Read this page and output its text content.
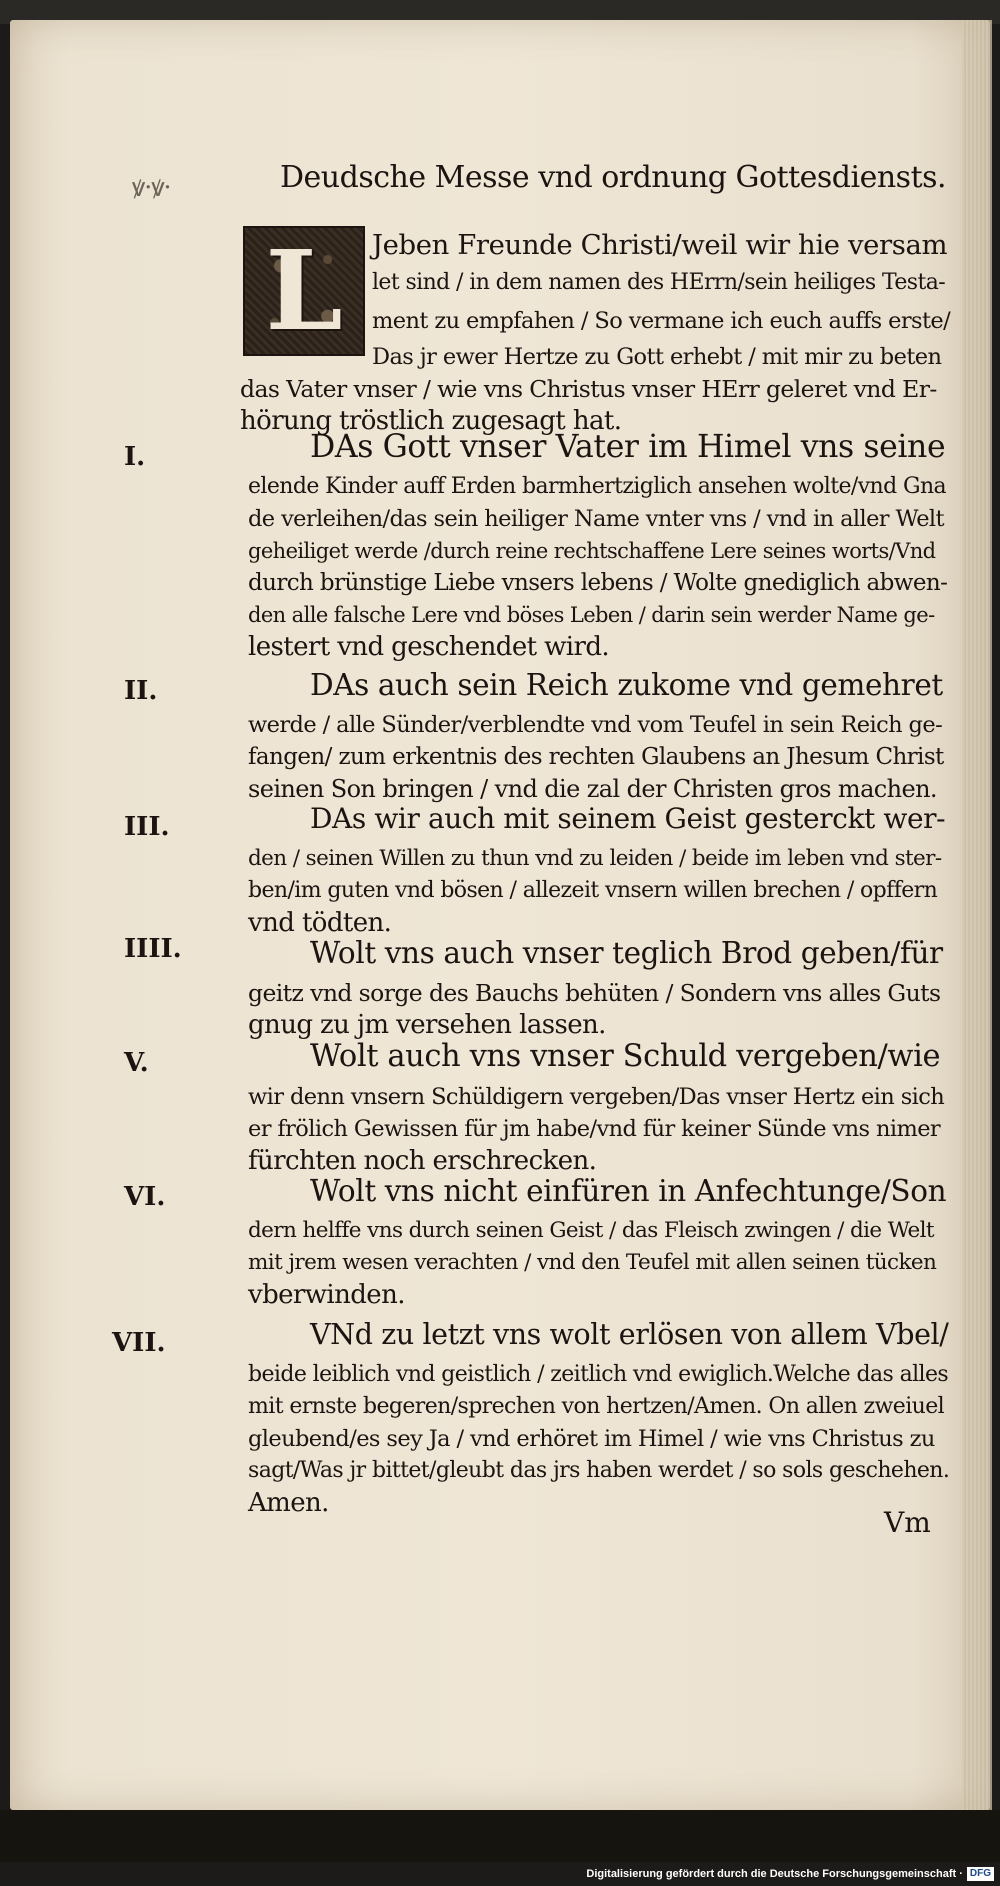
ꝟ·ꝟ·	Deudsche Messe vnd ordnung Gottesdiensts.
L Jeben Freunde Christi/weil wir hie versam
let sind / in dem namen des HErrn/sein heiliges Testa-
ment zu empfahen / So vermane ich euch auffs erste/
Das jr ewer Hertze zu Gott erhebt / mit mir zu beten
das Vater vnser / wie vns Christus vnser HErr geleret vnd Er-
hörung tröstlich zugesagt hat.
I.	DAs Gott vnser Vater im Himel vns seine
elende Kinder auff Erden barmhertziglich ansehen wolte/vnd Gna
de verleihen/das sein heiliger Name vnter vns / vnd in aller Welt
geheiliget werde /durch reine rechtschaffene Lere seines worts/Vnd
durch brünstige Liebe vnsers lebens / Wolte gnediglich abwen-
den alle falsche Lere vnd böses Leben / darin sein werder Name ge-
lestert vnd geschendet wird.
II.	DAs auch sein Reich zukome vnd gemehret
werde / alle Sünder/verblendte vnd vom Teufel in sein Reich ge-
fangen/ zum erkentnis des rechten Glaubens an Jhesum Christ
seinen Son bringen / vnd die zal der Christen gros machen.
III.	DAs wir auch mit seinem Geist gesterckt wer-
den / seinen Willen zu thun vnd zu leiden / beide im leben vnd ster-
ben/im guten vnd bösen / allezeit vnsern willen brechen / opffern
vnd tödten.
IIII.	Wolt vns auch vnser teglich Brod geben/für
geitz vnd sorge des Bauchs behüten / Sondern vns alles Guts
gnug zu jm versehen lassen.
V.	Wolt auch vns vnser Schuld vergeben/wie
wir denn vnsern Schüldigern vergeben/Das vnser Hertz ein sich
er frölich Gewissen für jm habe/vnd für keiner Sünde vns nimer
fürchten noch erschrecken.
VI.	Wolt vns nicht einfüren in Anfechtunge/Son
dern helffe vns durch seinen Geist / das Fleisch zwingen / die Welt
mit jrem wesen verachten / vnd den Teufel mit allen seinen tücken
vberwinden.
VII.	VNd zu letzt vns wolt erlösen von allem Vbel/
beide leiblich vnd geistlich / zeitlich vnd ewiglich.Welche das alles
mit ernste begeren/sprechen von hertzen/Amen. On allen zweiuel
gleubend/es sey Ja / vnd erhöret im Himel / wie vns Christus zu
sagt/Was jr bittet/gleubt das jrs haben werdet / so sols geschehen.
Amen.
Vm
Digitalisierung gefördert durch die Deutsche Forschungsgemeinschaft · DFG
